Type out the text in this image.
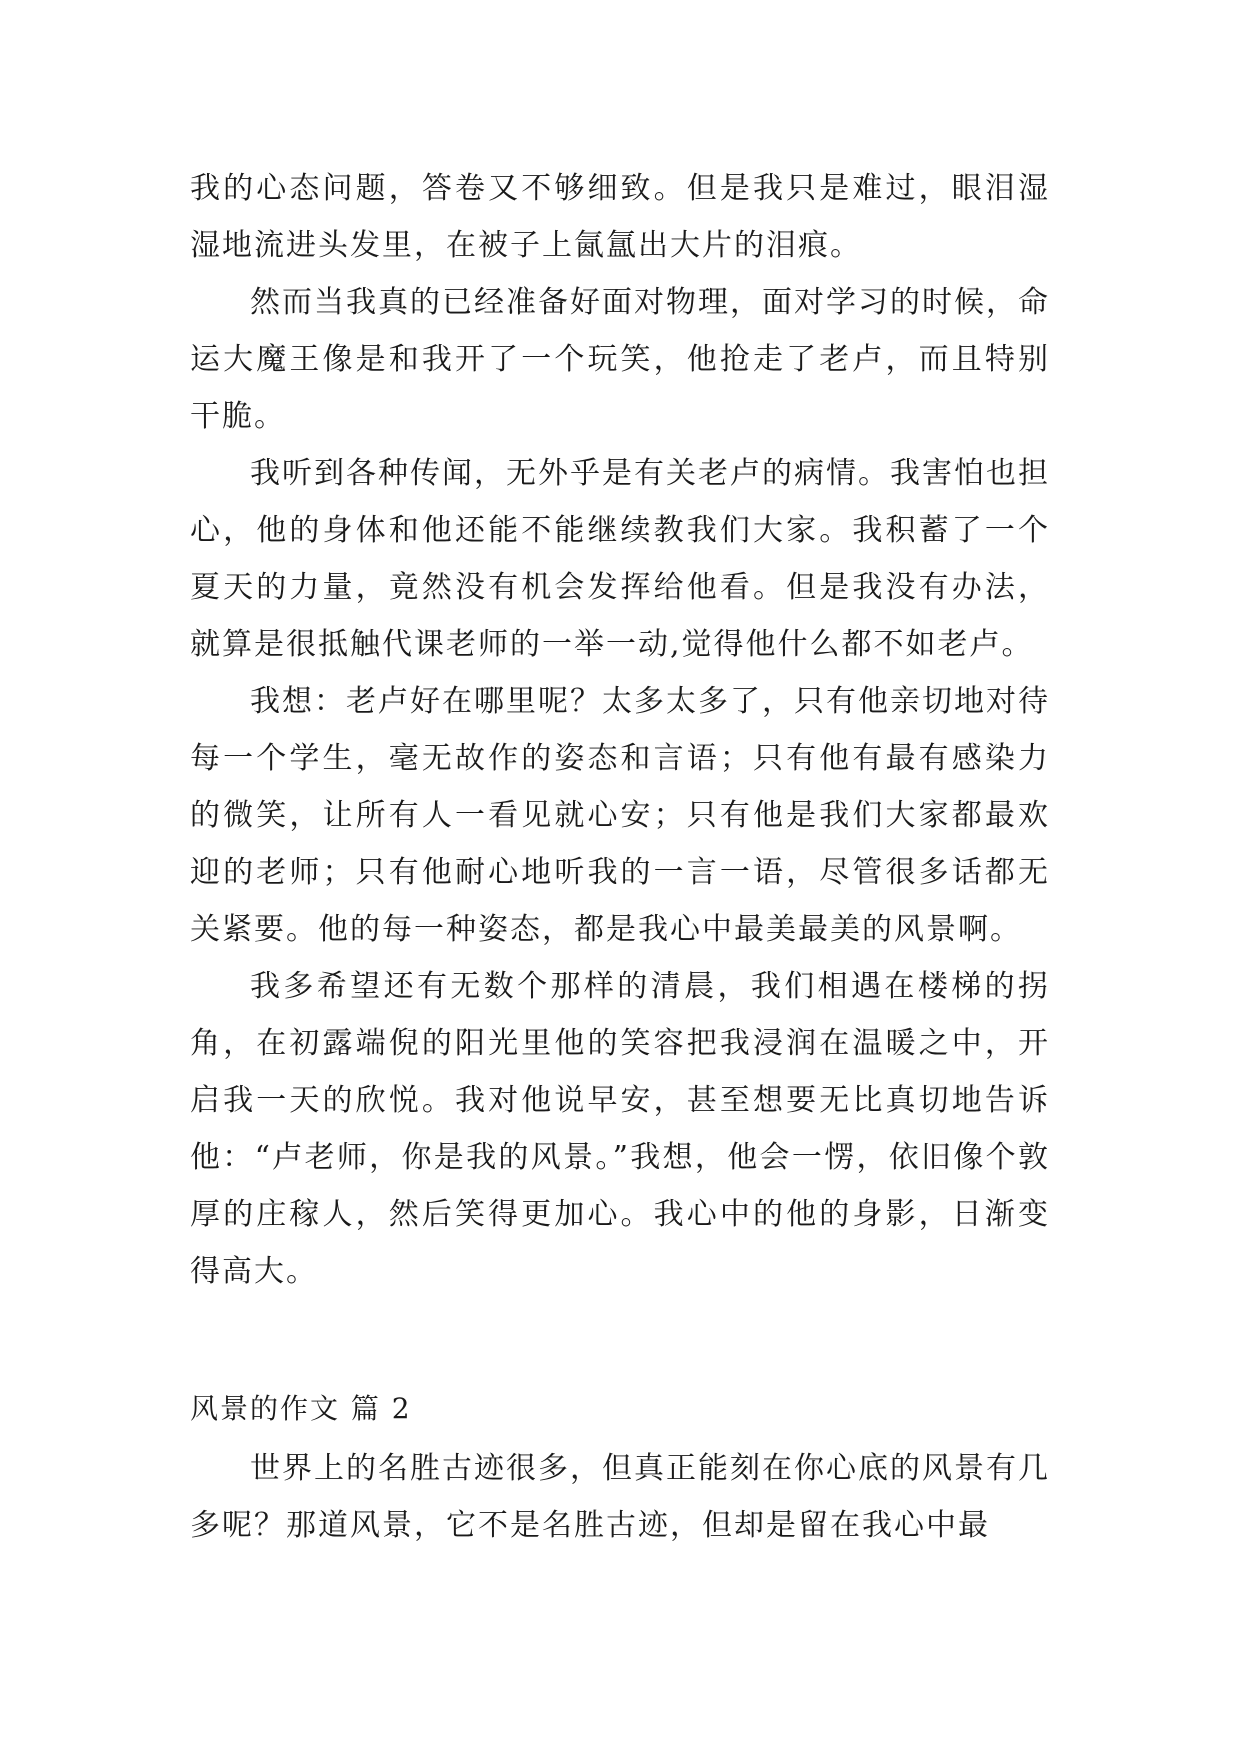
我的心态问题，答卷又不够细致。但是我只是难过，眼泪湿湿地流进头发里，在被子上氤氲出大片的泪痕。

然而当我真的已经准备好面对物理，面对学习的时候，命运大魔王像是和我开了一个玩笑，他抢走了老卢，而且特别干脆。

我听到各种传闻，无外乎是有关老卢的病情。我害怕也担心，他的身体和他还能不能继续教我们大家。我积蓄了一个夏天的力量，竟然没有机会发挥给他看。但是我没有办法，就算是很抵触代课老师的一举一动,觉得他什么都不如老卢。

我想：老卢好在哪里呢？太多太多了，只有他亲切地对待每一个学生，毫无故作的姿态和言语；只有他有最有感染力的微笑，让所有人一看见就心安；只有他是我们大家都最欢迎的老师；只有他耐心地听我的一言一语，尽管很多话都无关紧要。他的每一种姿态，都是我心中最美最美的风景啊。

我多希望还有无数个那样的清晨，我们相遇在楼梯的拐角，在初露端倪的阳光里他的笑容把我浸润在温暖之中，开启我一天的欣悦。我对他说早安，甚至想要无比真切地告诉他：“卢老师，你是我的风景。”我想，他会一愣，依旧像个敦厚的庄稼人，然后笑得更加心。我心中的他的身影，日渐变得高大。

风景的作文 篇 2

世界上的名胜古迹很多，但真正能刻在你心底的风景有几多呢？那道风景，它不是名胜古迹，但却是留在我心中最
